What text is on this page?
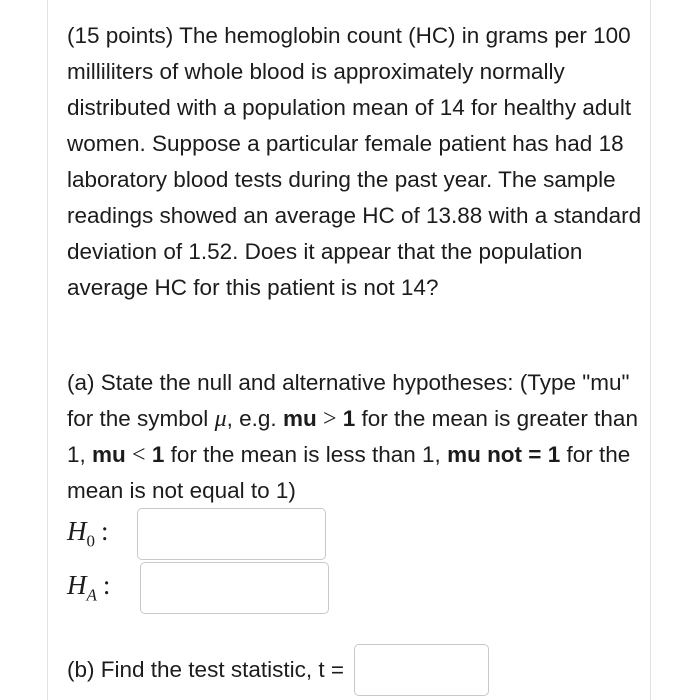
(15 points) The hemoglobin count (HC) in grams per 100 milliliters of whole blood is approximately normally distributed with a population mean of 14 for healthy adult women. Suppose a particular female patient has had 18 laboratory blood tests during the past year. The sample readings showed an average HC of 13.88 with a standard deviation of 1.52. Does it appear that the population average HC for this patient is not 14?

(a) State the null and alternative hypotheses: (Type "mu" for the symbol μ, e.g. mu > 1 for the mean is greater than 1, mu < 1 for the mean is less than 1, mu not = 1 for the mean is not equal to 1)

$H_0$ :
$H_A$ :
(b) Find the test statistic, t =
